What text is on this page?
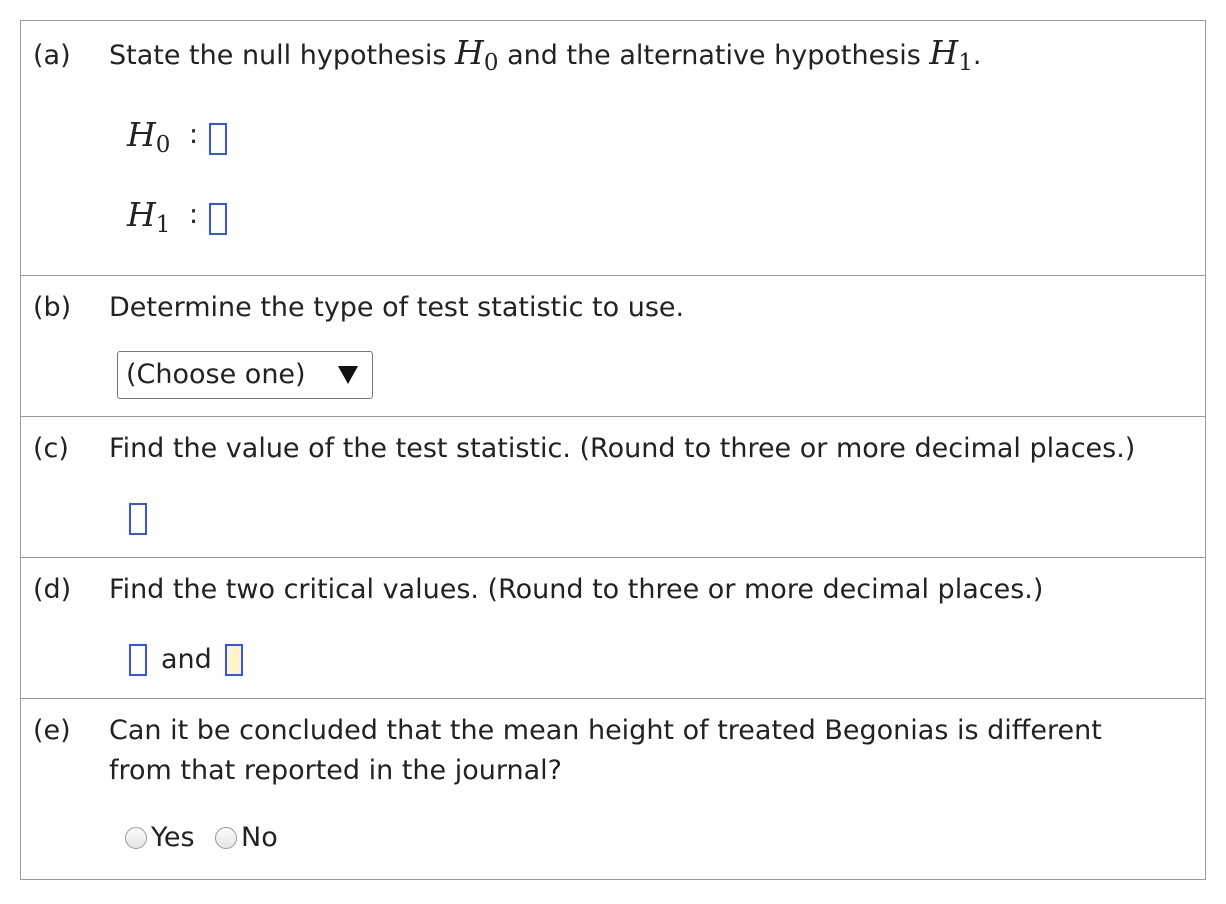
(a) State the null hypothesis $H_0$ and the alternative hypothesis $H_1$.
$H_0$ :
$H_1$ :
(b) Determine the type of test statistic to use.
(Choose one)
(c) Find the value of the test statistic. (Round to three or more decimal places.)
(d) Find the two critical values. (Round to three or more decimal places.)
and
(e) Can it be concluded that the mean height of treated Begonias is different
from that reported in the journal?
Yes No
